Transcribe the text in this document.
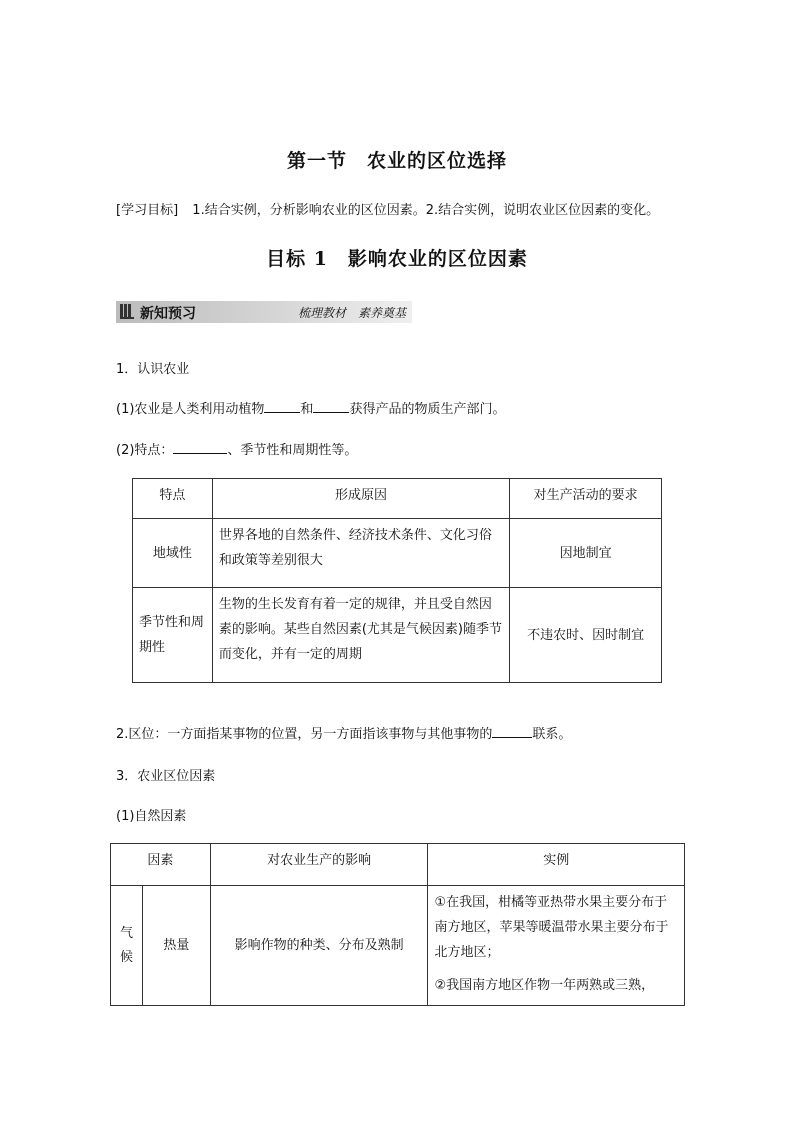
第一节　农业的区位选择
[学习目标] 1.结合实例，分析影响农业的区位因素。2.结合实例，说明农业区位因素的变化。
目标 1　影响农业的区位因素
新知预习	梳理教材　素养奠基
1．认识农业
(1)农业是人类利用动植物	和	获得产品的物质生产部门。
(2)特点：	、季节性和周期性等。
特点	形成原因	对生产活动的要求
地域性	世界各地的自然条件、经济技术条件、文化习俗和政策等差别很大	因地制宜
季节性和周期性	生物的生长发育有着一定的规律，并且受自然因素的影响。某些自然因素(尤其是气候因素)随季节而变化，并有一定的周期	不违农时、因时制宜
2.区位：一方面指某事物的位置，另一方面指该事物与其他事物的	联系。
3．农业区位因素
(1)自然因素
因素		对农业生产的影响	实例
气候	热量	影响作物的种类、分布及熟制	①在我国，柑橘等亚热带水果主要分布于南方地区，苹果等暖温带水果主要分布于北方地区；
②我国南方地区作物一年两熟或三熟，
